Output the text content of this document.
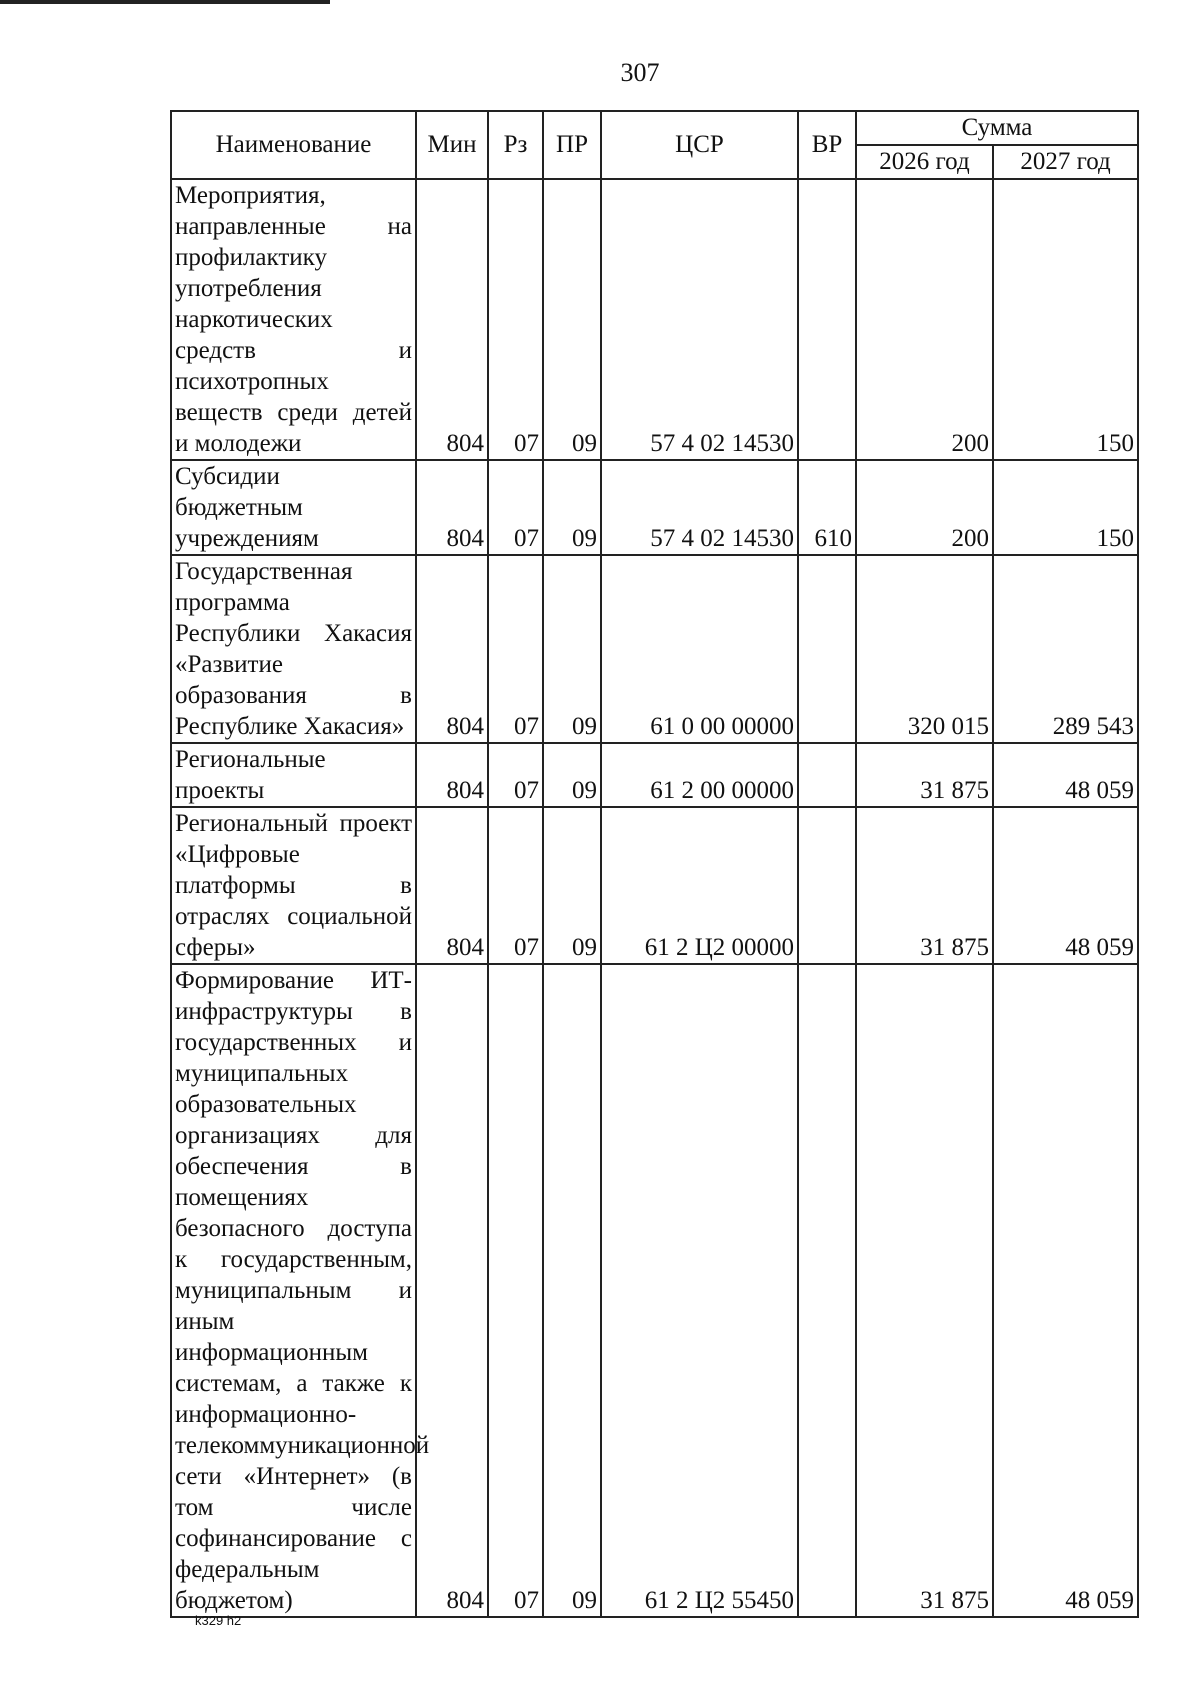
307
Наименование	Мин	Рз	ПР	ЦСР	ВР	Сумма	
						2026 год	2027 год
Мероприятия, направленные на профилактику употребления наркотических средств и психотропных веществ среди детей и молодежи	804	07	09	57 4 02 14530		200	150
Субсидии бюджетным учреждениям	804	07	09	57 4 02 14530	610	200	150
Государственная программа Республики Хакасия «Развитие образования в Республике Хакасия»	804	07	09	61 0 00 00000		320 015	289 543
Региональные проекты	804	07	09	61 2 00 00000		31 875	48 059
Региональный проект «Цифровые платформы в отраслях социальной сферы»	804	07	09	61 2 Ц2 00000		31 875	48 059
Формирование ИТ-инфраструктуры в государственных и муниципальных образовательных организациях для обеспечения в помещениях безопасного доступа к государственным, муниципальным и иным информационным системам, а также к информационно-телекоммуникационной сети «Интернет» (в том числе софинансирование с федеральным бюджетом)	804	07	09	61 2 Ц2 55450		31 875	48 059
k329 h2
